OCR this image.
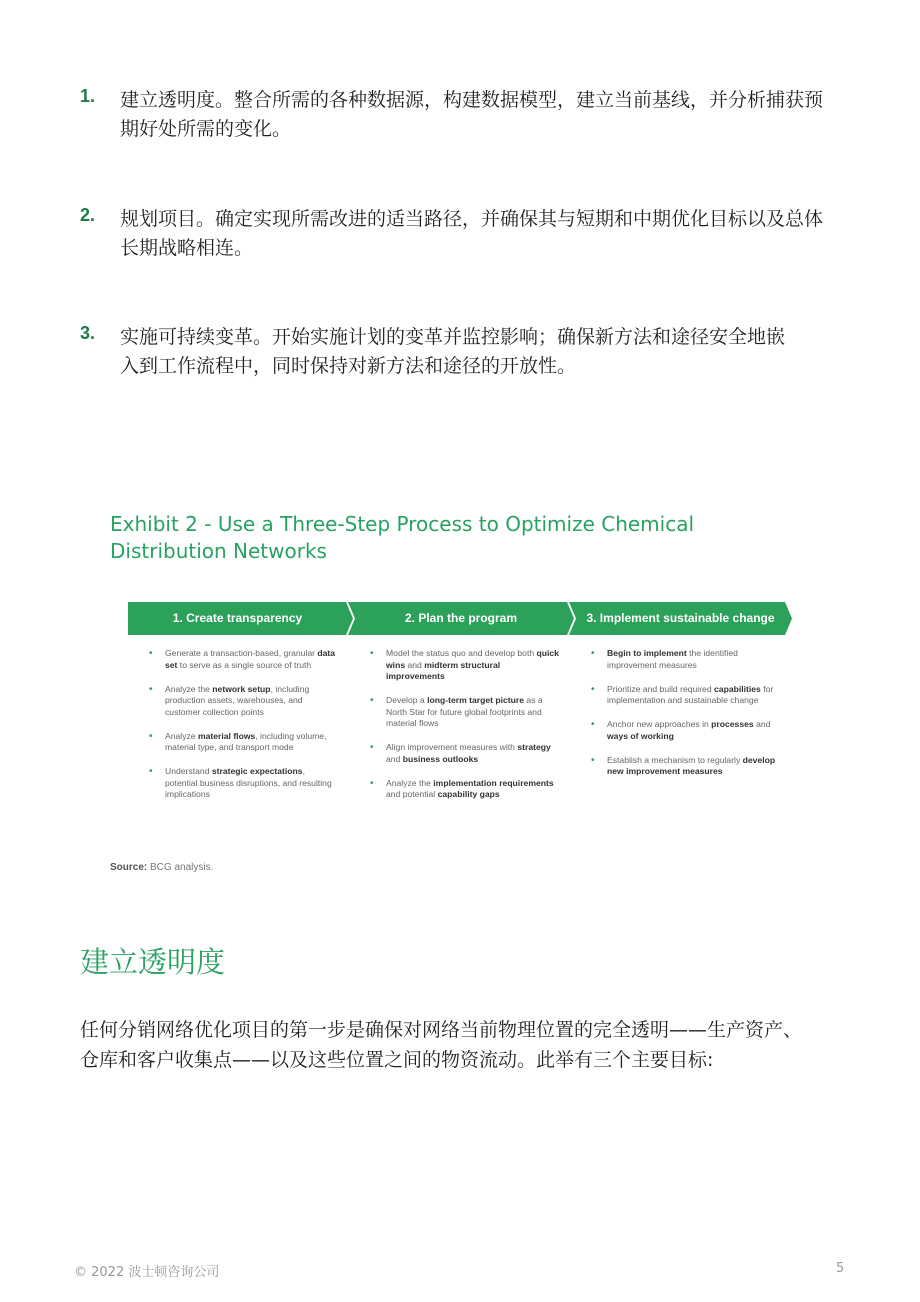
1. 建立透明度。整合所需的各种数据源，构建数据模型，建立当前基线，并分析捕获预期好处所需的变化。
2. 规划项目。确定实现所需改进的适当路径，并确保其与短期和中期优化目标以及总体长期战略相连。
3. 实施可持续变革。开始实施计划的变革并监控影响；确保新方法和途径安全地嵌入到工作流程中，同时保持对新方法和途径的开放性。
Exhibit 2 - Use a Three-Step Process to Optimize Chemical Distribution Networks
1. Create transparency	2. Plan the program	3. Implement sustainable change
• Generate a transaction-based, granular data set to serve as a single source of truth
• Analyze the network setup, including production assets, warehouses, and customer collection points
• Analyze material flows, including volume, material type, and transport mode
• Understand strategic expectations, potential business disruptions, and resulting implications
• Model the status quo and develop both quick wins and midterm structural improvements
• Develop a long-term target picture as a North Star for future global footprints and material flows
• Align improvement measures with strategy and business outlooks
• Analyze the implementation requirements and potential capability gaps
• Begin to implement the identified improvement measures
• Prioritize and build required capabilities for implementation and sustainable change
• Anchor new approaches in processes and ways of working
• Establish a mechanism to regularly develop new improvement measures
Source: BCG analysis.
建立透明度
任何分销网络优化项目的第一步是确保对网络当前物理位置的完全透明——生产资产、仓库和客户收集点——以及这些位置之间的物资流动。此举有三个主要目标:
© 2022 波士顿咨询公司	5
